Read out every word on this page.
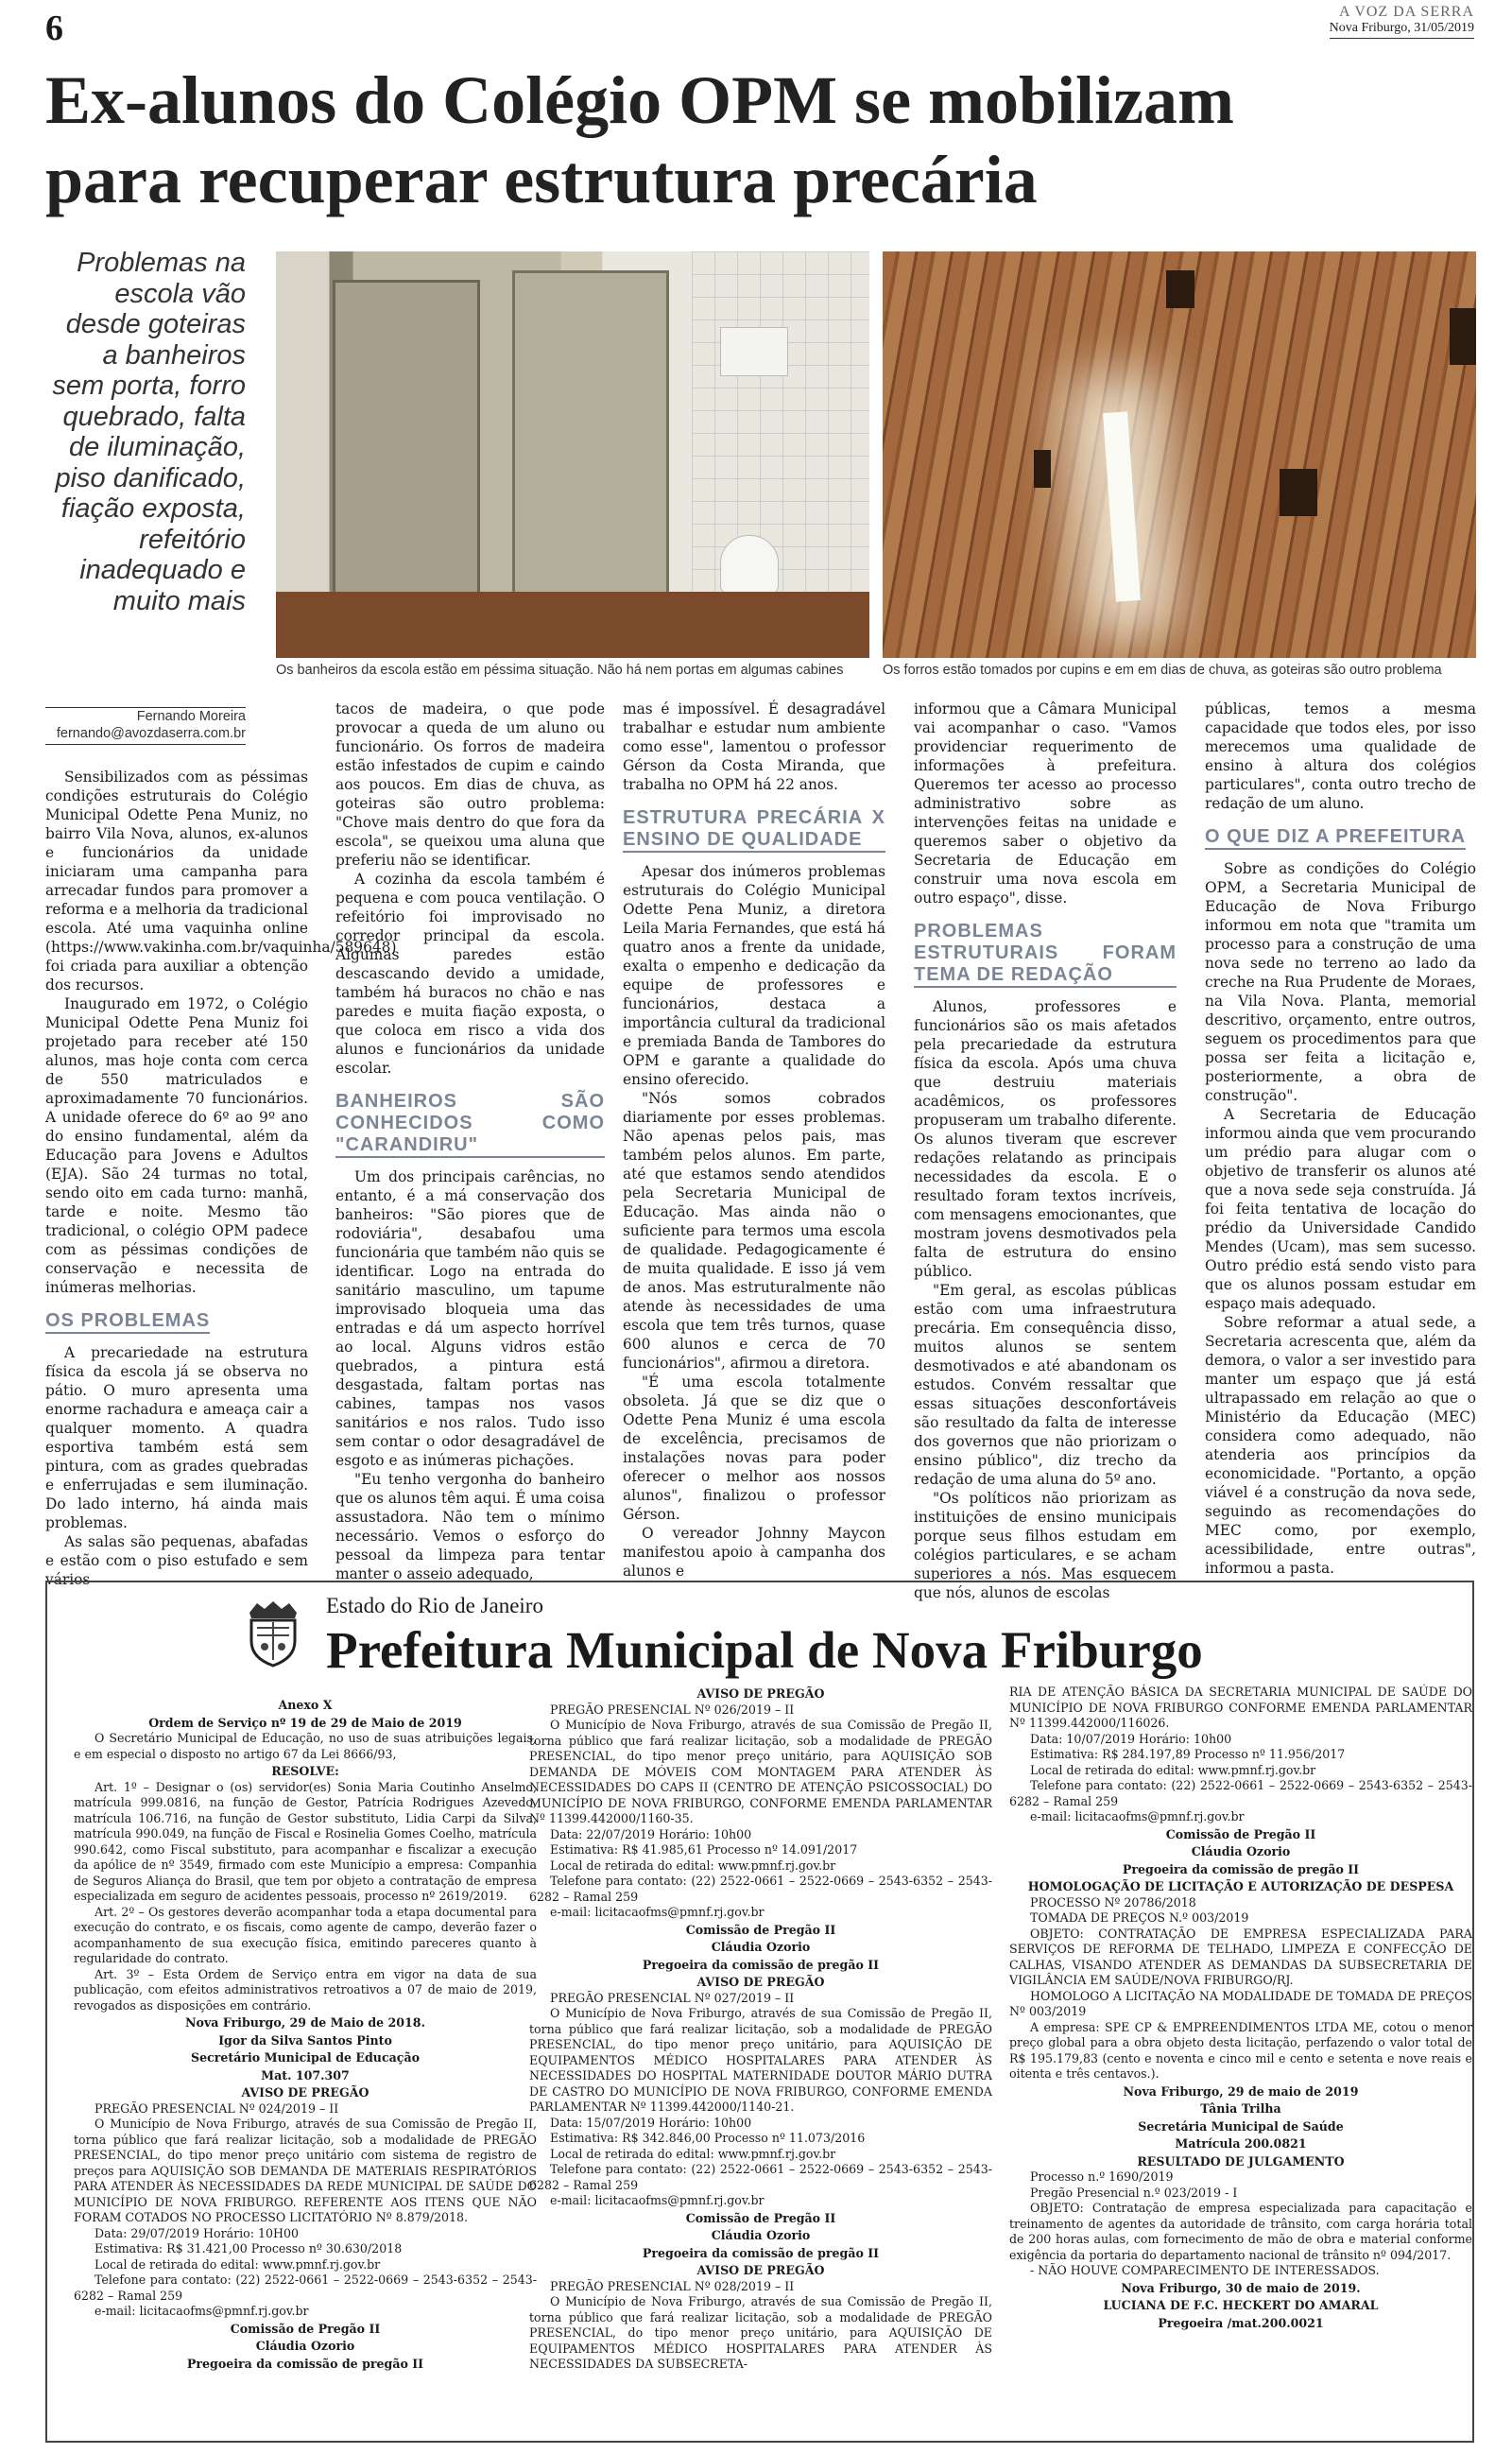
6	A VOZ DA SERRA
Nova Friburgo, 31/05/2019
Ex-alunos do Colégio OPM se mobilizam
para recuperar estrutura precária
Problemas na escola vão desde goteiras a banheiros sem porta, forro quebrado, falta de iluminação, piso danificado, fiação exposta, refeitório inadequado e muito mais
Os banheiros da escola estão em péssima situação. Não há nem portas em algumas cabines	Os forros estão tomados por cupins e em em dias de chuva, as goteiras são outro problema
Fernando Moreira
fernando@avozdaserra.com.br

Sensibilizados com as péssimas condições estruturais do Colégio Municipal Odette Pena Muniz, no bairro Vila Nova, alunos, ex-alunos e funcionários da unidade iniciaram uma campanha para arrecadar fundos para promover a reforma e a melhoria da tradicional escola. Até uma vaquinha online (https://www.vakinha.com.br/vaquinha/589648) foi criada para auxiliar a obtenção dos recursos.

Inaugurado em 1972, o Colégio Municipal Odette Pena Muniz foi projetado para receber até 150 alunos, mas hoje conta com cerca de 550 matriculados e aproximadamente 70 funcionários. A unidade oferece do 6º ao 9º ano do ensino fundamental, além da Educação para Jovens e Adultos (EJA). São 24 turmas no total, sendo oito em cada turno: manhã, tarde e noite. Mesmo tão tradicional, o colégio OPM padece com as péssimas condições de conservação e necessita de inúmeras melhorias.

OS PROBLEMAS

A precariedade na estrutura física da escola já se observa no pátio. O muro apresenta uma enorme rachadura e ameaça cair a qualquer momento. A quadra esportiva também está sem pintura, com as grades quebradas e enferrujadas e sem iluminação. Do lado interno, há ainda mais problemas.

As salas são pequenas, abafadas e estão com o piso estufado e sem vários

tacos de madeira, o que pode provocar a queda de um aluno ou funcionário. Os forros de madeira estão infestados de cupim e caindo aos poucos. Em dias de chuva, as goteiras são outro problema: "Chove mais dentro do que fora da escola", se queixou uma aluna que preferiu não se identificar.

A cozinha da escola também é pequena e com pouca ventilação. O refeitório foi improvisado no corredor principal da escola. Algumas paredes estão descascando devido a umidade, também há buracos no chão e nas paredes e muita fiação exposta, o que coloca em risco a vida dos alunos e funcionários da unidade escolar.

BANHEIROS SÃO CONHECIDOS COMO "CARANDIRU"

Um dos principais carências, no entanto, é a má conservação dos banheiros: "São piores que de rodoviária", desabafou uma funcionária que também não quis se identificar. Logo na entrada do sanitário masculino, um tapume improvisado bloqueia uma das entradas e dá um aspecto horrível ao local. Alguns vidros estão quebrados, a pintura está desgastada, faltam portas nas cabines, tampas nos vasos sanitários e nos ralos. Tudo isso sem contar o odor desagradável de esgoto e as inúmeras pichações.

"Eu tenho vergonha do banheiro que os alunos têm aqui. É uma coisa assustadora. Não tem o mínimo necessário. Vemos o esforço do pessoal da limpeza para tentar manter o asseio adequado,

mas é impossível. É desagradável trabalhar e estudar num ambiente como esse", lamentou o professor Gérson da Costa Miranda, que trabalha no OPM há 22 anos.

ESTRUTURA PRECÁRIA X ENSINO DE QUALIDADE

Apesar dos inúmeros problemas estruturais do Colégio Municipal Odette Pena Muniz, a diretora Leila Maria Fernandes, que está há quatro anos a frente da unidade, exalta o empenho e dedicação da equipe de professores e funcionários, destaca a importância cultural da tradicional e premiada Banda de Tambores do OPM e garante a qualidade do ensino oferecido.

"Nós somos cobrados diariamente por esses problemas. Não apenas pelos pais, mas também pelos alunos. Em parte, até que estamos sendo atendidos pela Secretaria Municipal de Educação. Mas ainda não o suficiente para termos uma escola de qualidade. Pedagogicamente é de muita qualidade. E isso já vem de anos. Mas estruturalmente não atende às necessidades de uma escola que tem três turnos, quase 600 alunos e cerca de 70 funcionários", afirmou a diretora.

"É uma escola totalmente obsoleta. Já que se diz que o Odette Pena Muniz é uma escola de excelência, precisamos de instalações novas para poder oferecer o melhor aos nossos alunos", finalizou o professor Gérson.

O vereador Johnny Maycon manifestou apoio à campanha dos alunos e

informou que a Câmara Municipal vai acompanhar o caso. "Vamos providenciar requerimento de informações à prefeitura. Queremos ter acesso ao processo administrativo sobre as intervenções feitas na unidade e queremos saber o objetivo da Secretaria de Educação em construir uma nova escola em outro espaço", disse.

PROBLEMAS ESTRUTURAIS FORAM TEMA DE REDAÇÃO

Alunos, professores e funcionários são os mais afetados pela precariedade da estrutura física da escola. Após uma chuva que destruiu materiais acadêmicos, os professores propuseram um trabalho diferente. Os alunos tiveram que escrever redações relatando as principais necessidades da escola. E o resultado foram textos incríveis, com mensagens emocionantes, que mostram jovens desmotivados pela falta de estrutura do ensino público.

"Em geral, as escolas públicas estão com uma infraestrutura precária. Em consequência disso, muitos alunos se sentem desmotivados e até abandonam os estudos. Convém ressaltar que essas situações desconfortáveis são resultado da falta de interesse dos governos que não priorizam o ensino público", diz trecho da redação de uma aluna do 5º ano.

"Os políticos não priorizam as instituições de ensino municipais porque seus filhos estudam em colégios particulares, e se acham superiores a nós. Mas esquecem que nós, alunos de escolas

públicas, temos a mesma capacidade que todos eles, por isso merecemos uma qualidade de ensino à altura dos colégios particulares", conta outro trecho de redação de um aluno.

O QUE DIZ A PREFEITURA

Sobre as condições do Colégio OPM, a Secretaria Municipal de Educação de Nova Friburgo informou em nota que "tramita um processo para a construção de uma nova sede no terreno ao lado da creche na Rua Prudente de Moraes, na Vila Nova. Planta, memorial descritivo, orçamento, entre outros, seguem os procedimentos para que possa ser feita a licitação e, posteriormente, a obra de construção".

A Secretaria de Educação informou ainda que vem procurando um prédio para alugar com o objetivo de transferir os alunos até que a nova sede seja construída. Já foi feita tentativa de locação do prédio da Universidade Candido Mendes (Ucam), mas sem sucesso. Outro prédio está sendo visto para que os alunos possam estudar em espaço mais adequado.

Sobre reformar a atual sede, a Secretaria acrescenta que, além da demora, o valor a ser investido para manter um espaço que já está ultrapassado em relação ao que o Ministério da Educação (MEC) considera como adequado, não atenderia aos princípios da economicidade. "Portanto, a opção viável é a construção da nova sede, seguindo as recomendações do MEC como, por exemplo, acessibilidade, entre outras", informou a pasta.

Estado do Rio de Janeiro
Prefeitura Municipal de Nova Friburgo

Anexo X

Ordem de Serviço nº 19 de 29 de Maio de 2019

O Secretário Municipal de Educação, no uso de suas atribuições legais, e em especial o disposto no artigo 67 da Lei 8666/93,

RESOLVE:

Art. 1º – Designar o (os) servidor(es) Sonia Maria Coutinho Anselmo, matrícula 999.0816, na função de Gestor, Patrícia Rodrigues Azevedo, matrícula 106.716, na função de Gestor substituto, Lidia Carpi da Silva, matrícula 990.049, na função de Fiscal e Rosinelia Gomes Coelho, matrícula 990.642, como Fiscal substituto, para acompanhar e fiscalizar a execução da apólice de nº 3549, firmado com este Município a empresa: Companhia de Seguros Aliança do Brasil, que tem por objeto a contratação de empresa especializada em seguro de acidentes pessoais, processo nº 2619/2019.

Art. 2º – Os gestores deverão acompanhar toda a etapa documental para execução do contrato, e os fiscais, como agente de campo, deverão fazer o acompanhamento de sua execução física, emitindo pareceres quanto à regularidade do contrato.

Art. 3º – Esta Ordem de Serviço entra em vigor na data de sua publicação, com efeitos administrativos retroativos a 07 de maio de 2019, revogados as disposições em contrário.

Nova Friburgo, 29 de Maio de 2018.

Igor da Silva Santos Pinto

Secretário Municipal de Educação

Mat. 107.307

AVISO DE PREGÃO

PREGÃO PRESENCIAL Nº 024/2019 – II

O Município de Nova Friburgo, através de sua Comissão de Pregão II, torna público que fará realizar licitação, sob a modalidade de PREGÃO PRESENCIAL, do tipo menor preço unitário com sistema de registro de preços para AQUISIÇÃO SOB DEMANDA DE MATERIAIS RESPIRATÓRIOS PARA ATENDER ÀS NECESSIDADES DA REDE MUNICIPAL DE SAÚDE DO MUNICÍPIO DE NOVA FRIBURGO. REFERENTE AOS ITENS QUE NÃO FORAM COTADOS NO PROCESSO LICITATÓRIO Nº 8.879/2018.

Data: 29/07/2019 Horário: 10H00

Estimativa: R$ 31.421,00 Processo nº 30.630/2018

Local de retirada do edital: www.pmnf.rj.gov.br

Telefone para contato: (22) 2522-0661 – 2522-0669 – 2543-6352 – 2543-6282 – Ramal 259

e-mail: licitacaofms@pmnf.rj.gov.br

Comissão de Pregão II

Cláudia Ozorio

Pregoeira da comissão de pregão II

AVISO DE PREGÃO

PREGÃO PRESENCIAL Nº 026/2019 – II

O Município de Nova Friburgo, através de sua Comissão de Pregão II, torna público que fará realizar licitação, sob a modalidade de PREGÃO PRESENCIAL, do tipo menor preço unitário, para AQUISIÇÃO SOB DEMANDA DE MÓVEIS COM MONTAGEM PARA ATENDER ÀS NECESSIDADES DO CAPS II (CENTRO DE ATENÇÃO PSICOSSOCIAL) DO MUNICÍPIO DE NOVA FRIBURGO, CONFORME EMENDA PARLAMENTAR Nº 11399.442000/1160-35.

Data: 22/07/2019 Horário: 10h00

Estimativa: R$ 41.985,61 Processo nº 14.091/2017

Local de retirada do edital: www.pmnf.rj.gov.br

Telefone para contato: (22) 2522-0661 – 2522-0669 – 2543-6352 – 2543-6282 – Ramal 259

e-mail: licitacaofms@pmnf.rj.gov.br

Comissão de Pregão II

Cláudia Ozorio

Pregoeira da comissão de pregão II

AVISO DE PREGÃO

PREGÃO PRESENCIAL Nº 027/2019 – II

O Município de Nova Friburgo, através de sua Comissão de Pregão II, torna público que fará realizar licitação, sob a modalidade de PREGÃO PRESENCIAL, do tipo menor preço unitário, para AQUISIÇÃO DE EQUIPAMENTOS MÉDICO HOSPITALARES PARA ATENDER ÀS NECESSIDADES DO HOSPITAL MATERNIDADE DOUTOR MÁRIO DUTRA DE CASTRO DO MUNICÍPIO DE NOVA FRIBURGO, CONFORME EMENDA PARLAMENTAR Nº 11399.442000/1140-21.

Data: 15/07/2019 Horário: 10h00

Estimativa: R$ 342.846,00 Processo nº 11.073/2016

Local de retirada do edital: www.pmnf.rj.gov.br

Telefone para contato: (22) 2522-0661 – 2522-0669 – 2543-6352 – 2543-6282 – Ramal 259

e-mail: licitacaofms@pmnf.rj.gov.br

Comissão de Pregão II

Cláudia Ozorio

Pregoeira da comissão de pregão II

AVISO DE PREGÃO

PREGÃO PRESENCIAL Nº 028/2019 – II

O Município de Nova Friburgo, através de sua Comissão de Pregão II, torna público que fará realizar licitação, sob a modalidade de PREGÃO PRESENCIAL, do tipo menor preço unitário, para AQUISIÇÃO DE EQUIPAMENTOS MÉDICO HOSPITALARES PARA ATENDER ÀS NECESSIDADES DA SUBSECRETA-

RIA DE ATENÇÃO BÁSICA DA SECRETARIA MUNICIPAL DE SAÚDE DO MUNICÍPIO DE NOVA FRIBURGO CONFORME EMENDA PARLAMENTAR Nº 11399.442000/116026.

Data: 10/07/2019 Horário: 10h00

Estimativa: R$ 284.197,89 Processo nº 11.956/2017

Local de retirada do edital: www.pmnf.rj.gov.br

Telefone para contato: (22) 2522-0661 – 2522-0669 – 2543-6352 – 2543-6282 – Ramal 259

e-mail: licitacaofms@pmnf.rj.gov.br

Comissão de Pregão II

Cláudia Ozorio

Pregoeira da comissão de pregão II

HOMOLOGAÇÃO DE LICITAÇÃO E AUTORIZAÇÃO DE DESPESA

PROCESSO Nº 20786/2018

TOMADA DE PREÇOS N.º 003/2019

OBJETO: CONTRATAÇÃO DE EMPRESA ESPECIALIZADA PARA SERVIÇOS DE REFORMA DE TELHADO, LIMPEZA E CONFECÇÃO DE CALHAS, VISANDO ATENDER AS DEMANDAS DA SUBSECRETARIA DE VIGILÂNCIA EM SAÚDE/NOVA FRIBURGO/RJ.

HOMOLOGO A LICITAÇÃO NA MODALIDADE DE TOMADA DE PREÇOS Nº 003/2019

A empresa: SPE CP & EMPREENDIMENTOS LTDA ME, cotou o menor preço global para a obra objeto desta licitação, perfazendo o valor total de R$ 195.179,83 (cento e noventa e cinco mil e cento e setenta e nove reais e oitenta e três centavos.).

Nova Friburgo, 29 de maio de 2019

Tânia Trilha

Secretária Municipal de Saúde

Matrícula 200.0821

RESULTADO DE JULGAMENTO

Processo n.º 1690/2019

Pregão Presencial n.º 023/2019 - I

OBJETO: Contratação de empresa especializada para capacitação e treinamento de agentes da autoridade de trânsito, com carga horária total de 200 horas aulas, com fornecimento de mão de obra e material conforme exigência da portaria do departamento nacional de trânsito nº 094/2017.

- NÃO HOUVE COMPARECIMENTO DE INTERESSADOS.

Nova Friburgo, 30 de maio de 2019.

LUCIANA DE F.C. HECKERT DO AMARAL

Pregoeira /mat.200.0021
